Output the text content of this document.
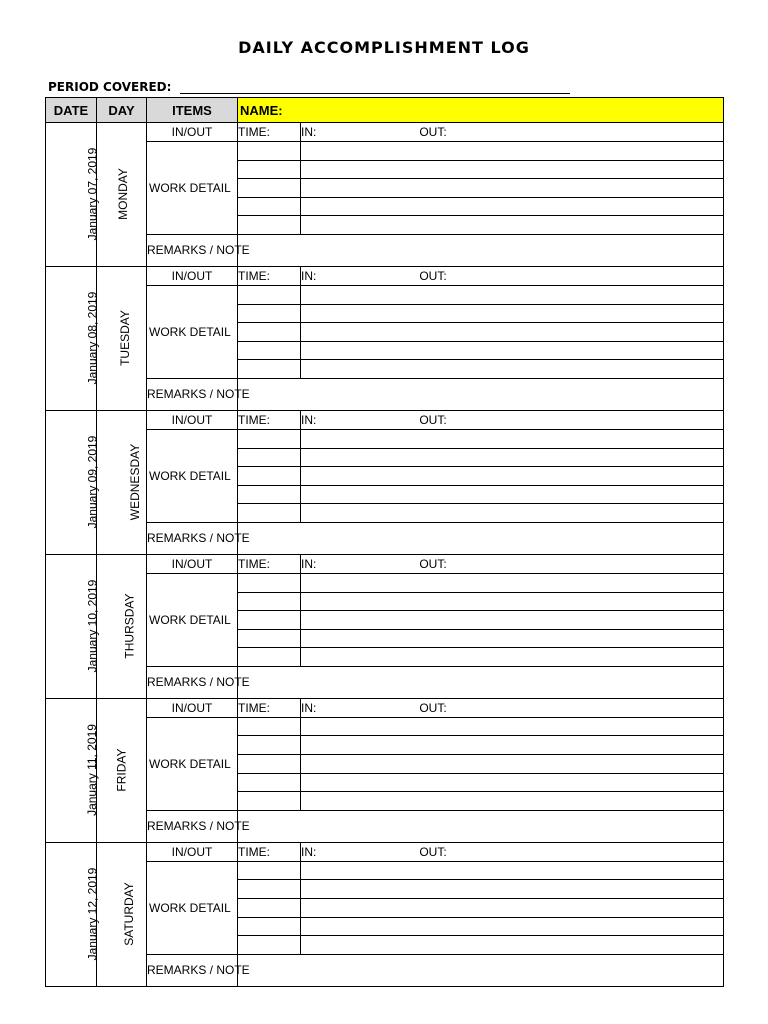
DAILY ACCOMPLISHMENT LOG
PERIOD COVERED:
DATE	DAY	ITEMS	NAME:	
January 07, 2019	MONDAY	IN/OUT	TIME:	IN: OUT:
		WORK DETAIL		

		REMARKS / NOTE		
January 08, 2019	TUESDAY	IN/OUT	TIME:	IN: OUT:
		WORK DETAIL		

		REMARKS / NOTE		
January 09, 2019	WEDNESDAY	IN/OUT	TIME:	IN: OUT:
		WORK DETAIL		

		REMARKS / NOTE		
January 10, 2019	THURSDAY	IN/OUT	TIME:	IN: OUT:
		WORK DETAIL		

		REMARKS / NOTE		
January 11, 2019	FRIDAY	IN/OUT	TIME:	IN: OUT:
		WORK DETAIL		

		REMARKS / NOTE		
January 12, 2019	SATURDAY	IN/OUT	TIME:	IN: OUT:
		WORK DETAIL		

		REMARKS / NOTE		
